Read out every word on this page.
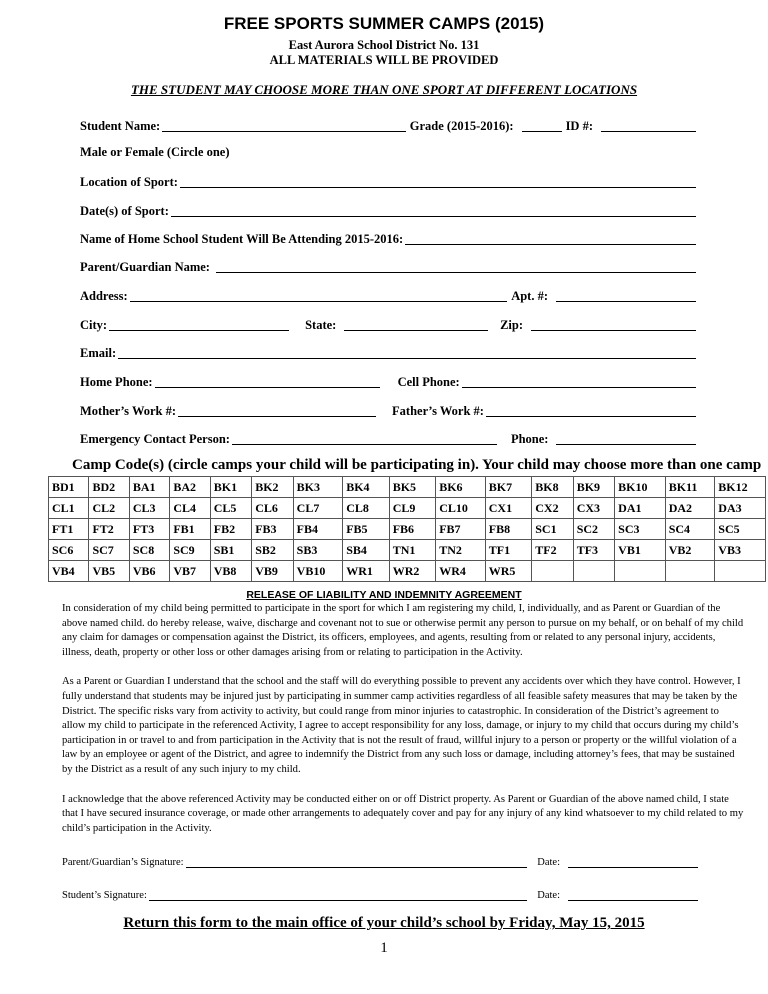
FREE SPORTS SUMMER CAMPS (2015)
East Aurora School District No. 131
ALL MATERIALS WILL BE PROVIDED
THE STUDENT MAY CHOOSE MORE THAN ONE SPORT AT DIFFERENT LOCATIONS
Student Name:	Grade (2015-2016):	ID #:
Male or Female (Circle one)
Location of Sport:
Date(s) of Sport:
Name of Home School Student Will Be Attending 2015-2016:
Parent/Guardian Name:
Address:	Apt. #:
City:	State:	Zip:
Email:
Home Phone:	Cell Phone:
Mother’s Work #:	Father’s Work #:
Emergency Contact Person:	Phone:
Camp Code(s) (circle camps your child will be participating in). Your child may choose more than one camp
BD1	BD2	BA1	BA2	BK1	BK2	BK3	BK4	BK5	BK6	BK7	BK8	BK9	BK10	BK11	BK12
CL1	CL2	CL3	CL4	CL5	CL6	CL7	CL8	CL9	CL10	CX1	CX2	CX3	DA1	DA2	DA3
FT1	FT2	FT3	FB1	FB2	FB3	FB4	FB5	FB6	FB7	FB8	SC1	SC2	SC3	SC4	SC5
SC6	SC7	SC8	SC9	SB1	SB2	SB3	SB4	TN1	TN2	TF1	TF2	TF3	VB1	VB2	VB3
VB4	VB5	VB6	VB7	VB8	VB9	VB10	WR1	WR2	WR4	WR5					
RELEASE OF LIABILITY AND INDEMNITY AGREEMENT
In consideration of my child being permitted to participate in the sport for which I am registering my child, I, individually, and as Parent or Guardian of the above named child. do hereby release, waive, discharge and covenant not to sue or otherwise permit any person to pursue on my behalf, or on behalf of my child any claim for damages or compensation against the District, its officers, employees, and agents, resulting from or related to any personal injury, accidents, illness, death, property or other loss or other damages arising from or relating to participation in the Activity.
As a Parent or Guardian I understand that the school and the staff will do everything possible to prevent any accidents over which they have control. However, I fully understand that students may be injured just by participating in summer camp activities regardless of all feasible safety measures that may be taken by the District. The specific risks vary from activity to activity, but could range from minor injuries to catastrophic. In consideration of the District’s agreement to allow my child to participate in the referenced Activity, I agree to accept responsibility for any loss, damage, or injury to my child that occurs during my child’s participation in or travel to and from participation in the Activity that is not the result of fraud, willful injury to a person or property or the willful violation of a law by an employee or agent of the District, and agree to indemnify the District from any such loss or damage, including attorney’s fees, that may be sustained by the District as a result of any such injury to my child.
I acknowledge that the above referenced Activity may be conducted either on or off District property. As Parent or Guardian of the above named child, I state that I have secured insurance coverage, or made other arrangements to adequately cover and pay for any injury of any kind whatsoever to my child related to my child’s participation in the Activity.
Parent/Guardian’s Signature:	Date:
Student’s Signature:	Date:
Return this form to the main office of your child’s school by Friday, May 15, 2015
1
